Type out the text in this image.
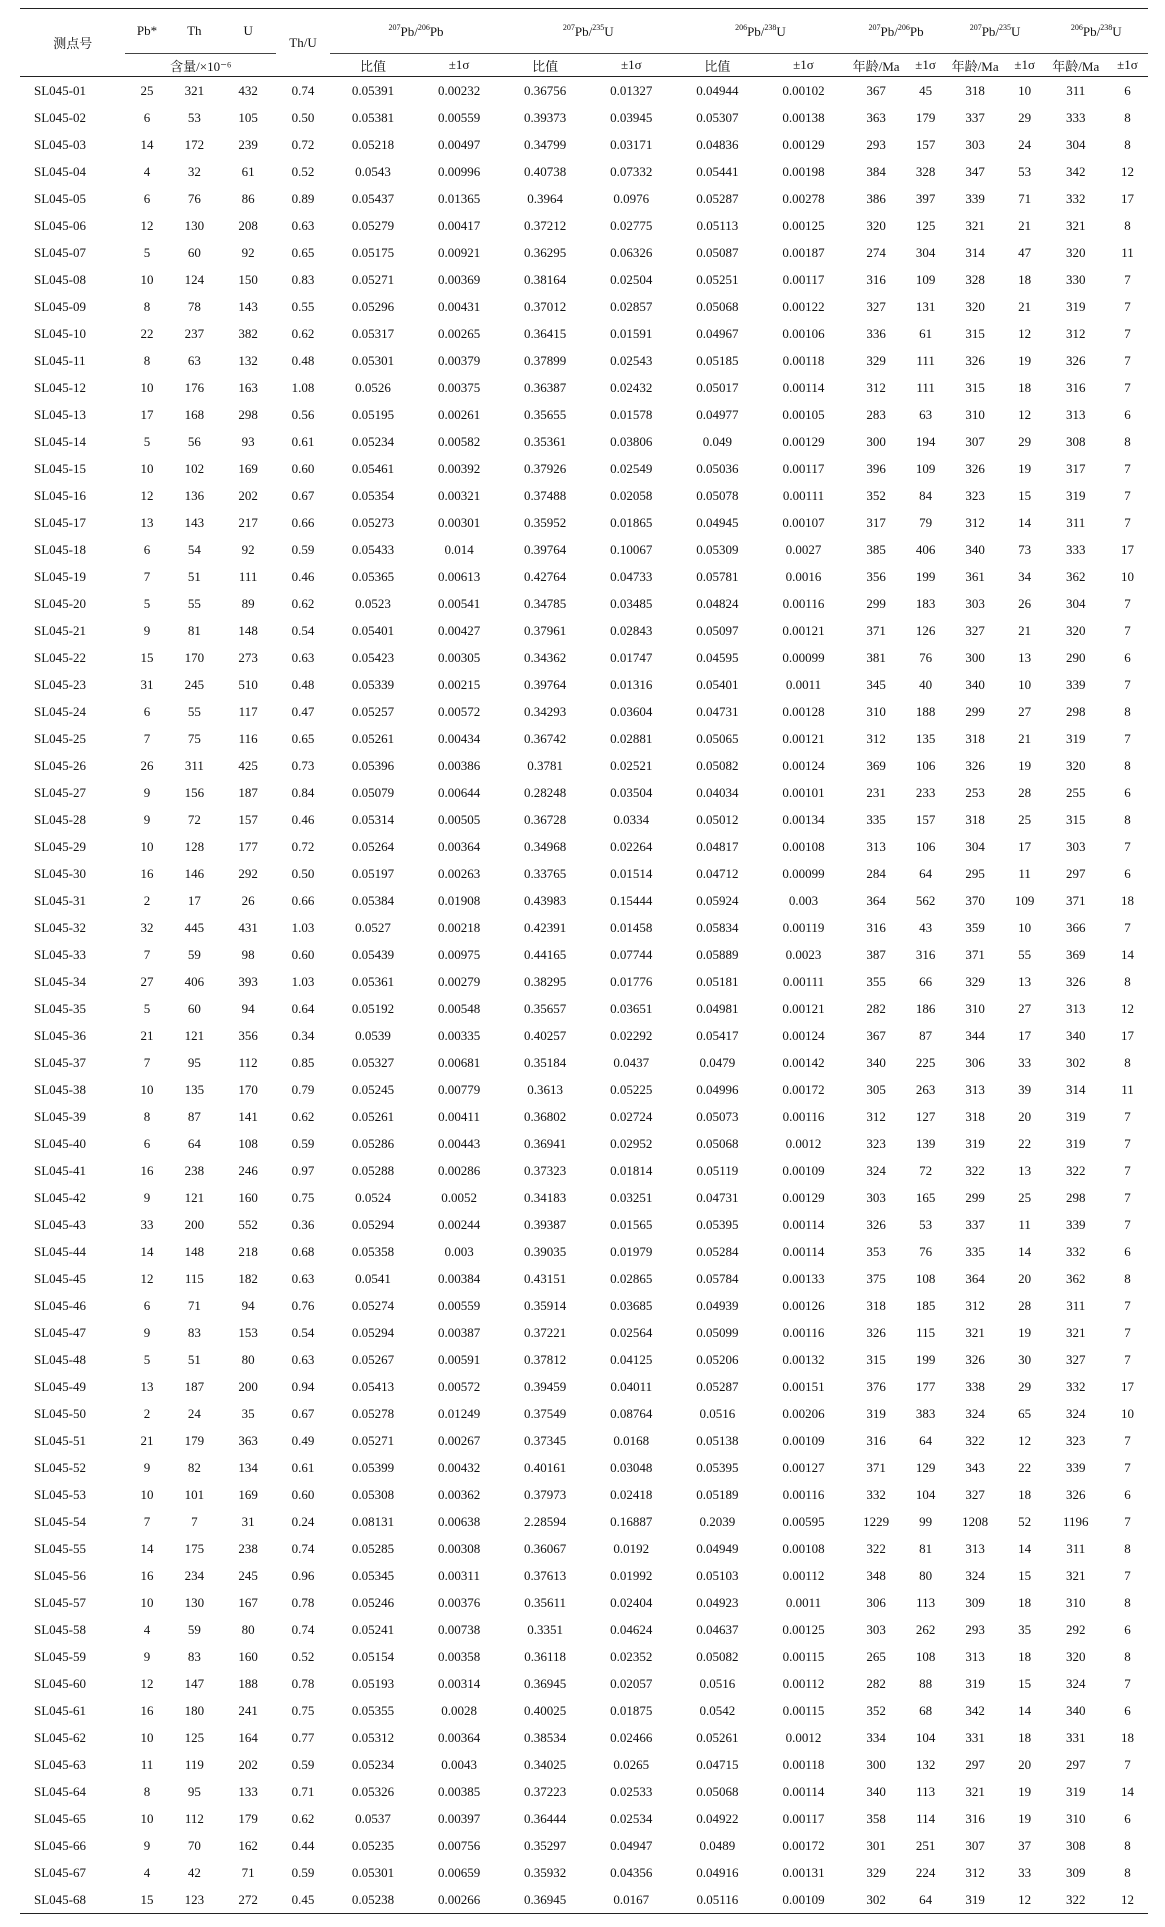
测点号	Pb*	Th	U	Th/U	$^{207}$Pb/$^{206}$Pb		$^{207}$Pb/$^{235}$U		$^{206}$Pb/$^{238}$U		$^{207}$Pb/$^{206}$Pb		$^{207}$Pb/$^{235}$U		$^{206}$Pb/$^{238}$U	
	含量/×10⁻⁶				比值	±1σ	比值	±1σ	比值	±1σ	年龄/Ma	±1σ	年龄/Ma	±1σ	年龄/Ma	±1σ
SL045-01	25	321	432	0.74	0.05391	0.00232	0.36756	0.01327	0.04944	0.00102	367	45	318	10	311	6
SL045-02	6	53	105	0.50	0.05381	0.00559	0.39373	0.03945	0.05307	0.00138	363	179	337	29	333	8
SL045-03	14	172	239	0.72	0.05218	0.00497	0.34799	0.03171	0.04836	0.00129	293	157	303	24	304	8
SL045-04	4	32	61	0.52	0.0543	0.00996	0.40738	0.07332	0.05441	0.00198	384	328	347	53	342	12
SL045-05	6	76	86	0.89	0.05437	0.01365	0.3964	0.0976	0.05287	0.00278	386	397	339	71	332	17
SL045-06	12	130	208	0.63	0.05279	0.00417	0.37212	0.02775	0.05113	0.00125	320	125	321	21	321	8
SL045-07	5	60	92	0.65	0.05175	0.00921	0.36295	0.06326	0.05087	0.00187	274	304	314	47	320	11
SL045-08	10	124	150	0.83	0.05271	0.00369	0.38164	0.02504	0.05251	0.00117	316	109	328	18	330	7
SL045-09	8	78	143	0.55	0.05296	0.00431	0.37012	0.02857	0.05068	0.00122	327	131	320	21	319	7
SL045-10	22	237	382	0.62	0.05317	0.00265	0.36415	0.01591	0.04967	0.00106	336	61	315	12	312	7
SL045-11	8	63	132	0.48	0.05301	0.00379	0.37899	0.02543	0.05185	0.00118	329	111	326	19	326	7
SL045-12	10	176	163	1.08	0.0526	0.00375	0.36387	0.02432	0.05017	0.00114	312	111	315	18	316	7
SL045-13	17	168	298	0.56	0.05195	0.00261	0.35655	0.01578	0.04977	0.00105	283	63	310	12	313	6
SL045-14	5	56	93	0.61	0.05234	0.00582	0.35361	0.03806	0.049	0.00129	300	194	307	29	308	8
SL045-15	10	102	169	0.60	0.05461	0.00392	0.37926	0.02549	0.05036	0.00117	396	109	326	19	317	7
SL045-16	12	136	202	0.67	0.05354	0.00321	0.37488	0.02058	0.05078	0.00111	352	84	323	15	319	7
SL045-17	13	143	217	0.66	0.05273	0.00301	0.35952	0.01865	0.04945	0.00107	317	79	312	14	311	7
SL045-18	6	54	92	0.59	0.05433	0.014	0.39764	0.10067	0.05309	0.0027	385	406	340	73	333	17
SL045-19	7	51	111	0.46	0.05365	0.00613	0.42764	0.04733	0.05781	0.0016	356	199	361	34	362	10
SL045-20	5	55	89	0.62	0.0523	0.00541	0.34785	0.03485	0.04824	0.00116	299	183	303	26	304	7
SL045-21	9	81	148	0.54	0.05401	0.00427	0.37961	0.02843	0.05097	0.00121	371	126	327	21	320	7
SL045-22	15	170	273	0.63	0.05423	0.00305	0.34362	0.01747	0.04595	0.00099	381	76	300	13	290	6
SL045-23	31	245	510	0.48	0.05339	0.00215	0.39764	0.01316	0.05401	0.0011	345	40	340	10	339	7
SL045-24	6	55	117	0.47	0.05257	0.00572	0.34293	0.03604	0.04731	0.00128	310	188	299	27	298	8
SL045-25	7	75	116	0.65	0.05261	0.00434	0.36742	0.02881	0.05065	0.00121	312	135	318	21	319	7
SL045-26	26	311	425	0.73	0.05396	0.00386	0.3781	0.02521	0.05082	0.00124	369	106	326	19	320	8
SL045-27	9	156	187	0.84	0.05079	0.00644	0.28248	0.03504	0.04034	0.00101	231	233	253	28	255	6
SL045-28	9	72	157	0.46	0.05314	0.00505	0.36728	0.0334	0.05012	0.00134	335	157	318	25	315	8
SL045-29	10	128	177	0.72	0.05264	0.00364	0.34968	0.02264	0.04817	0.00108	313	106	304	17	303	7
SL045-30	16	146	292	0.50	0.05197	0.00263	0.33765	0.01514	0.04712	0.00099	284	64	295	11	297	6
SL045-31	2	17	26	0.66	0.05384	0.01908	0.43983	0.15444	0.05924	0.003	364	562	370	109	371	18
SL045-32	32	445	431	1.03	0.0527	0.00218	0.42391	0.01458	0.05834	0.00119	316	43	359	10	366	7
SL045-33	7	59	98	0.60	0.05439	0.00975	0.44165	0.07744	0.05889	0.0023	387	316	371	55	369	14
SL045-34	27	406	393	1.03	0.05361	0.00279	0.38295	0.01776	0.05181	0.00111	355	66	329	13	326	8
SL045-35	5	60	94	0.64	0.05192	0.00548	0.35657	0.03651	0.04981	0.00121	282	186	310	27	313	12
SL045-36	21	121	356	0.34	0.0539	0.00335	0.40257	0.02292	0.05417	0.00124	367	87	344	17	340	17
SL045-37	7	95	112	0.85	0.05327	0.00681	0.35184	0.0437	0.0479	0.00142	340	225	306	33	302	8
SL045-38	10	135	170	0.79	0.05245	0.00779	0.3613	0.05225	0.04996	0.00172	305	263	313	39	314	11
SL045-39	8	87	141	0.62	0.05261	0.00411	0.36802	0.02724	0.05073	0.00116	312	127	318	20	319	7
SL045-40	6	64	108	0.59	0.05286	0.00443	0.36941	0.02952	0.05068	0.0012	323	139	319	22	319	7
SL045-41	16	238	246	0.97	0.05288	0.00286	0.37323	0.01814	0.05119	0.00109	324	72	322	13	322	7
SL045-42	9	121	160	0.75	0.0524	0.0052	0.34183	0.03251	0.04731	0.00129	303	165	299	25	298	7
SL045-43	33	200	552	0.36	0.05294	0.00244	0.39387	0.01565	0.05395	0.00114	326	53	337	11	339	7
SL045-44	14	148	218	0.68	0.05358	0.003	0.39035	0.01979	0.05284	0.00114	353	76	335	14	332	6
SL045-45	12	115	182	0.63	0.0541	0.00384	0.43151	0.02865	0.05784	0.00133	375	108	364	20	362	8
SL045-46	6	71	94	0.76	0.05274	0.00559	0.35914	0.03685	0.04939	0.00126	318	185	312	28	311	7
SL045-47	9	83	153	0.54	0.05294	0.00387	0.37221	0.02564	0.05099	0.00116	326	115	321	19	321	7
SL045-48	5	51	80	0.63	0.05267	0.00591	0.37812	0.04125	0.05206	0.00132	315	199	326	30	327	7
SL045-49	13	187	200	0.94	0.05413	0.00572	0.39459	0.04011	0.05287	0.00151	376	177	338	29	332	17
SL045-50	2	24	35	0.67	0.05278	0.01249	0.37549	0.08764	0.0516	0.00206	319	383	324	65	324	10
SL045-51	21	179	363	0.49	0.05271	0.00267	0.37345	0.0168	0.05138	0.00109	316	64	322	12	323	7
SL045-52	9	82	134	0.61	0.05399	0.00432	0.40161	0.03048	0.05395	0.00127	371	129	343	22	339	7
SL045-53	10	101	169	0.60	0.05308	0.00362	0.37973	0.02418	0.05189	0.00116	332	104	327	18	326	6
SL045-54	7	7	31	0.24	0.08131	0.00638	2.28594	0.16887	0.2039	0.00595	1229	99	1208	52	1196	7
SL045-55	14	175	238	0.74	0.05285	0.00308	0.36067	0.0192	0.04949	0.00108	322	81	313	14	311	8
SL045-56	16	234	245	0.96	0.05345	0.00311	0.37613	0.01992	0.05103	0.00112	348	80	324	15	321	7
SL045-57	10	130	167	0.78	0.05246	0.00376	0.35611	0.02404	0.04923	0.0011	306	113	309	18	310	8
SL045-58	4	59	80	0.74	0.05241	0.00738	0.3351	0.04624	0.04637	0.00125	303	262	293	35	292	6
SL045-59	9	83	160	0.52	0.05154	0.00358	0.36118	0.02352	0.05082	0.00115	265	108	313	18	320	8
SL045-60	12	147	188	0.78	0.05193	0.00314	0.36945	0.02057	0.0516	0.00112	282	88	319	15	324	7
SL045-61	16	180	241	0.75	0.05355	0.0028	0.40025	0.01875	0.0542	0.00115	352	68	342	14	340	6
SL045-62	10	125	164	0.77	0.05312	0.00364	0.38534	0.02466	0.05261	0.0012	334	104	331	18	331	18
SL045-63	11	119	202	0.59	0.05234	0.0043	0.34025	0.0265	0.04715	0.00118	300	132	297	20	297	7
SL045-64	8	95	133	0.71	0.05326	0.00385	0.37223	0.02533	0.05068	0.00114	340	113	321	19	319	14
SL045-65	10	112	179	0.62	0.0537	0.00397	0.36444	0.02534	0.04922	0.00117	358	114	316	19	310	6
SL045-66	9	70	162	0.44	0.05235	0.00756	0.35297	0.04947	0.0489	0.00172	301	251	307	37	308	8
SL045-67	4	42	71	0.59	0.05301	0.00659	0.35932	0.04356	0.04916	0.00131	329	224	312	33	309	8
SL045-68	15	123	272	0.45	0.05238	0.00266	0.36945	0.0167	0.05116	0.00109	302	64	319	12	322	12
